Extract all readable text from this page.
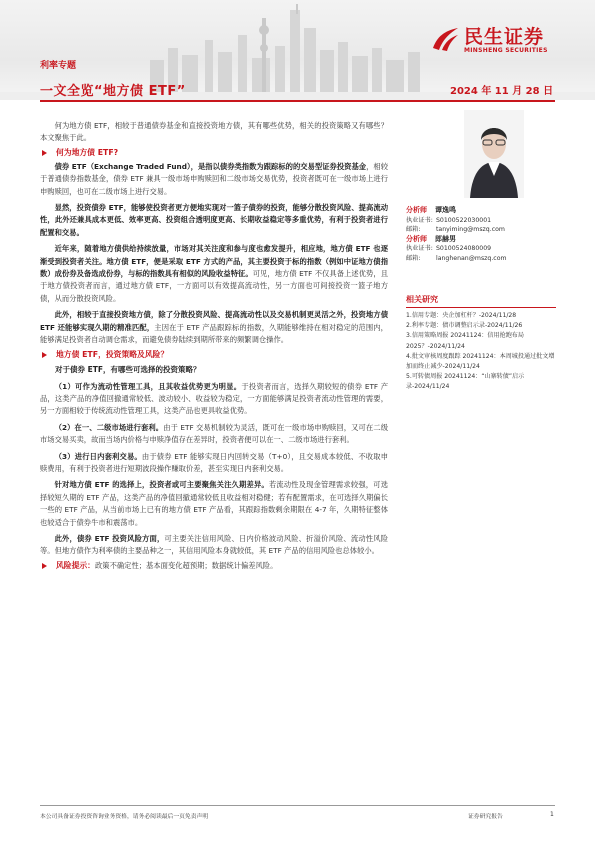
民生证券
MINSHENG SECURITIES
利率专题
一文全览“地方债 ETF”	2024 年 11 月 28 日

何为地方债 ETF，相较于普通债券基金和直接投资地方债，其有哪些优势，相关的投资策略又有哪些？本文聚焦于此。

何为地方债 ETF?

债券 ETF（Exchange Traded Fund），是指以债券类指数为跟踪标的的交易型证券投资基金，相较于普通债券指数基金，债券 ETF 兼具一级市场申购赎回和二级市场交易优势，投资者既可在一级市场上进行申购赎回，也可在二级市场上进行交易。

显然，投资债券 ETF，能够使投资者更方便地实现对一篮子债券的投资，能够分散投资风险、提高流动性，此外还兼具成本更低、效率更高、投资组合透明度更高、长期收益稳定等多重优势，有利于投资者进行配置和交易。

近年来，随着地方债供给持续放量，市场对其关注度和参与度也愈发提升，相应地，地方债 ETF 也逐渐受到投资者关注。地方债 ETF，便是采取 ETF 方式的产品，其主要投资于标的指数（例如中证地方债指数）成份券及备选成份券，与标的指数具有相似的风险收益特征。可见，地方债 ETF 不仅具备上述优势，且于地方债投资者而言，通过地方债 ETF，一方面可以有效提高流动性，另一方面也可间接投资一篮子地方债，从而分散投资风险。

此外，相较于直接投资地方债，除了分散投资风险、提高流动性以及交易机制更灵活之外，投资地方债 ETF 还能够实现久期的精准匹配，主因在于 ETF 产品跟踪标的指数，久期能够维持在相对稳定的范围内，能够满足投资者自动调仓需求，而避免债券陆续到期所带来的频繁调仓操作。

地方债 ETF，投资策略及风险？
对于债券 ETF，有哪些可选择的投资策略？

（1）可作为流动性管理工具，且其收益优势更为明显。于投资者而言，选择久期较短的债券 ETF 产品，这类产品的净值回撤通常较低、波动较小、收益较为稳定，一方面能够满足投资者流动性管理的需要，另一方面相较于传统流动性管理工具，这类产品也更具收益优势。

（2）在一、二级市场进行套利。由于 ETF 交易机制较为灵活，既可在一级市场申购赎回，又可在二级市场交易买卖，故而当场内价格与申赎净值存在差异时，投资者便可以在一、二级市场进行套利。

（3）进行日内套利交易。由于债券 ETF 能够实现日内回转交易（T+0），且交易成本较低、不收取申赎费用，有利于投资者进行短期波段操作赚取价差，甚至实现日内套利交易。

针对地方债 ETF 的选择上，投资者或可主要聚焦关注久期差异。若流动性及现金管理需求较强，可选择较短久期的 ETF 产品，这类产品的净值回撤通常较低且收益相对稳健；若有配置需求，在可选择久期偏长一些的 ETF 产品，从当前市场上已有的地方债 ETF 产品看，其跟踪指数剩余期限在 4-7 年，久期特征整体也较适合于债券牛市和震荡市。

此外，债券 ETF 投资风险方面，可主要关注信用风险、日内价格波动风险、折溢价风险、流动性风险等。但地方债作为利率债的主要品种之一，其信用风险本身就较低，其 ETF 产品的信用风险也总体较小。

风险提示： 政策不确定性；基本面变化超预期；数据统计偏差风险。
分析师 谭逸鸣
执业证书: S0100522030001
邮箱:	tanyiming@mszq.com
分析师 郎赫男
执业证书: S0100524080009
邮箱:	langhenan@mszq.com
相关研究
1.信用专题：央企加杠杆？-2024/11/28
2.利率专题：债市调整启示录-2024/11/26
3.信用策略周报 20241124：信用抢跑布局 2025？-2024/11/24
4.批文审核周度跟踪 20241124：本周城投通过批文增加而终止减少-2024/11/24
5.可转债周报 20241124：“山寨转债”启示录-2024/11/24
本公司具备证券投资咨询业务资格，请务必阅读最后一页免责声明	证券研究报告	1
